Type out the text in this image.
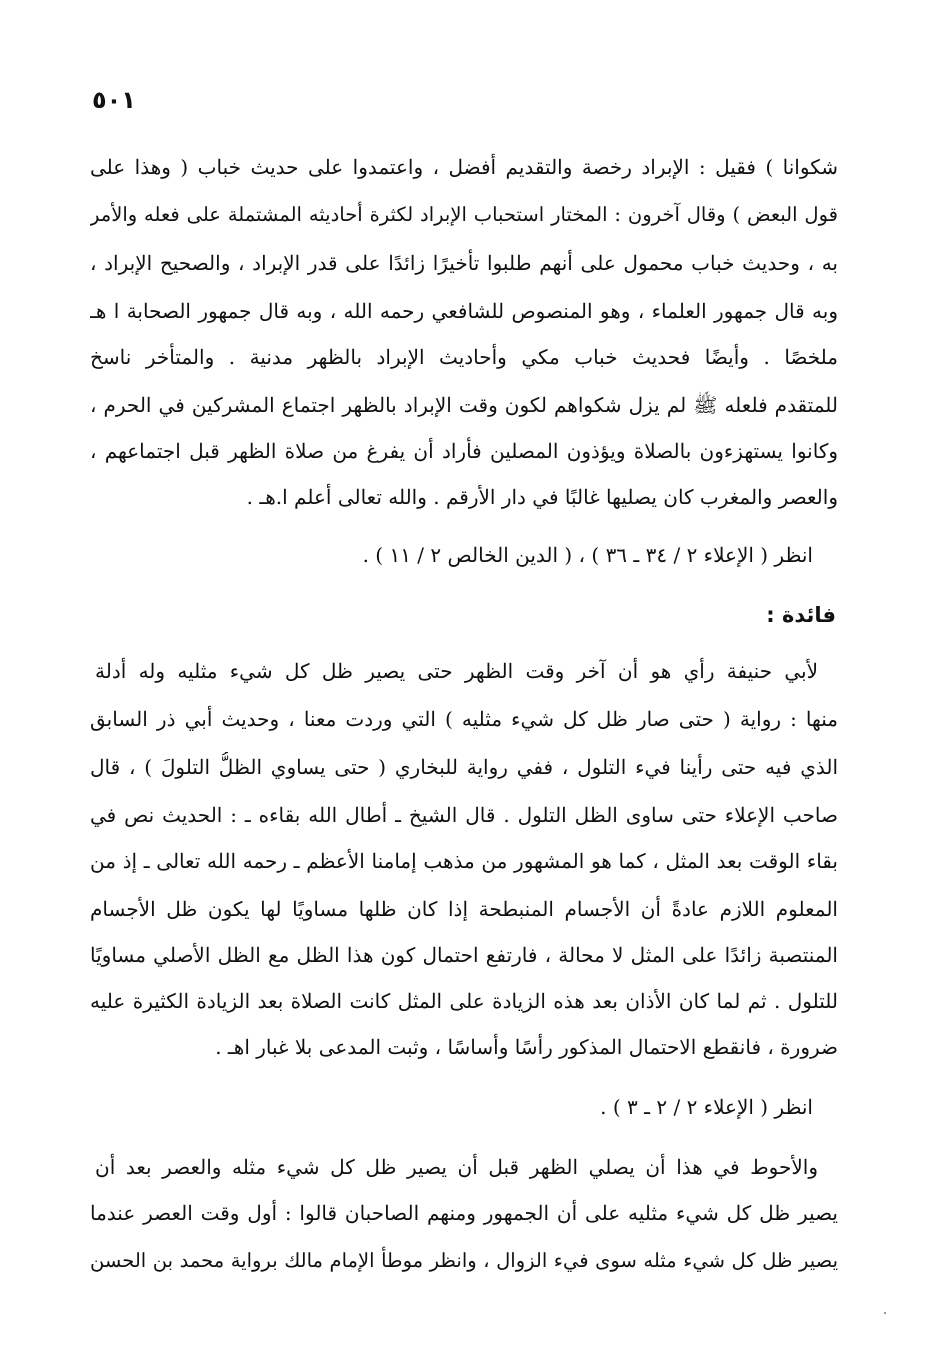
٥٠١
شكوانا ) فقيل : الإبراد رخصة والتقديم أفضل ، واعتمدوا على حديث خباب ( وهذا على
قول البعض ) وقال آخرون : المختار استحباب الإبراد لكثرة أحاديثه المشتملة على فعله والأمر
به ، وحديث خباب محمول على أنهم طلبوا تأخيرًا زائدًا على قدر الإبراد ، والصحيح الإبراد ،
وبه قال جمهور العلماء ، وهو المنصوص للشافعي رحمه الله ، وبه قال جمهور الصحابة ا هـ
ملخصًا . وأيضًا فحديث خباب مكي وأحاديث الإبراد بالظهر مدنية . والمتأخر ناسخ
للمتقدم فلعله ﷺ لم يزل شكواهم لكون وقت الإبراد بالظهر اجتماع المشركين في الحرم ،
وكانوا يستهزءون بالصلاة ويؤذون المصلين فأراد أن يفرغ من صلاة الظهر قبل اجتماعهم ،
والعصر والمغرب كان يصليها غالبًا في دار الأرقم . والله تعالى أعلم ا.هـ .
انظر ( الإعلاء ٢ / ٣٤ ـ ٣٦ ) ، ( الدين الخالص ٢ / ١١ ) .
فائدة :
لأبي حنيفة رأي هو أن آخر وقت الظهر حتى يصير ظل كل شيء مثليه وله أدلة
منها : رواية ( حتى صار ظل كل شيء مثليه ) التي وردت معنا ، وحديث أبي ذر السابق
الذي فيه حتى رأينا فيء التلول ، ففي رواية للبخاري ( حتى يساوي الظلُّ التلولَ ) ، قال
صاحب الإعلاء حتى ساوى الظل التلول . قال الشيخ ـ أطال الله بقاءه ـ : الحديث نص في
بقاء الوقت بعد المثل ، كما هو المشهور من مذهب إمامنا الأعظم ـ رحمه الله تعالى ـ إذ من
المعلوم اللازم عادةً أن الأجسام المنبطحة إذا كان ظلها مساويًا لها يكون ظل الأجسام
المنتصبة زائدًا على المثل لا محالة ، فارتفع احتمال كون هذا الظل مع الظل الأصلي مساويًا
للتلول . ثم لما كان الأذان بعد هذه الزيادة على المثل كانت الصلاة بعد الزيادة الكثيرة عليه
ضرورة ، فانقطع الاحتمال المذكور رأسًا وأساسًا ، وثبت المدعى بلا غبار اهـ .
انظر ( الإعلاء ٢ / ٢ ـ ٣ ) .
والأحوط في هذا أن يصلي الظهر قبل أن يصير ظل كل شيء مثله والعصر بعد أن
يصير ظل كل شيء مثليه على أن الجمهور ومنهم الصاحبان قالوا : أول وقت العصر عندما
يصير ظل كل شيء مثله سوى فيء الزوال ، وانظر موطأ الإمام مالك برواية محمد بن الحسن
